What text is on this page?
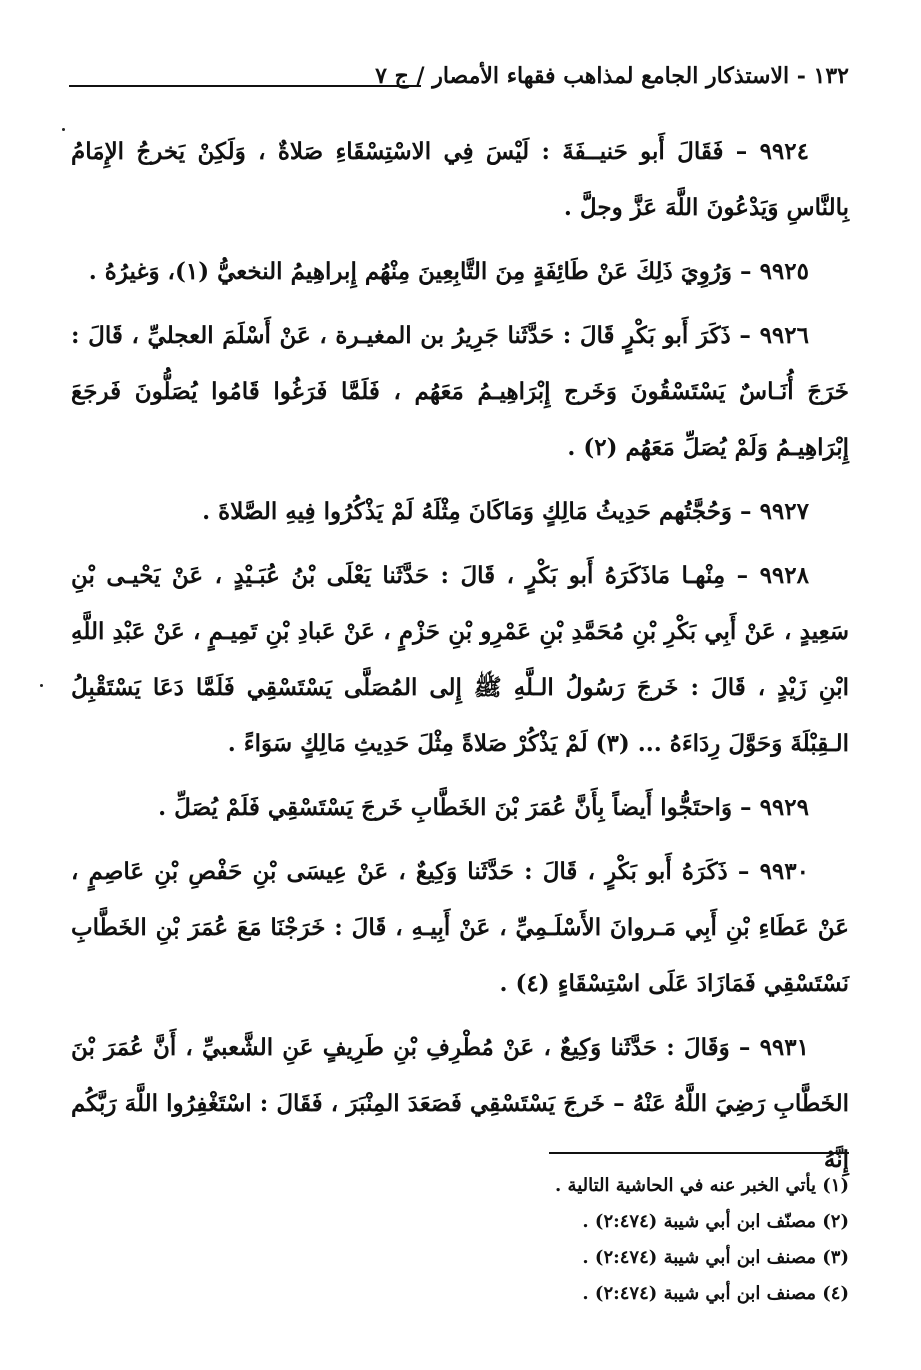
١٣٢ - الاستذكار الجامع لمذاهب فقهاء الأمصار / ج ٧

٩٩٢٤ – فَقَالَ أَبو حَنيــفَةَ : لَيْسَ فِي الاسْتِسْقَاءِ صَلاةٌ ، وَلَكِنْ يَخرجُ الإِمَامُ بِالنَّاسِ وَيَدْعُونَ اللَّهَ عَزَّ وجلَّ .

٩٩٢٥ – وَرُوِيَ ذَلِكَ عَنْ طَائِفَةٍ مِنَ التَّابِعِينَ مِنْهُم إِبراهِيمُ النخعيُّ (١)، وَغيرُهُ .

٩٩٢٦ – ذَكَرَ أَبو بَكْرٍ قَالَ : حَدَّثَنا جَرِيرُ بن المغيـرة ، عَنْ أَسْلَمَ العجليِّ ، قَالَ : خَرَجَ أُنَـاسٌ يَسْتَسْقُونَ وَخَرج إِبْرَاهِيـمُ مَعَهُم ، فَلَمَّا فَرَغُوا قَامُوا يُصَلُّونَ فَرجَعَ إِبْرَاهِيـمُ وَلَمْ يُصَلِّ مَعَهُم (٢) .

٩٩٢٧ – وَحُجَّتُهم حَدِيثُ مَالِكٍ وَمَاكَانَ مِثْلَهُ لَمْ يَذْكُرُوا فِيهِ الصَّلاةَ .

٩٩٢٨ – مِنْهـا مَاذَكَرَهُ أَبو بَكْرٍ ، قَالَ : حَدَّثَنا يَعْلَى بْنُ عُبَـيْدٍ ، عَنْ يَحْيـى بْنِ سَعِيدٍ ، عَنْ أَبِي بَكْرِ بْنِ مُحَمَّدِ بْنِ عَمْرِو بْنِ حَزْمٍ ، عَنْ عَبادِ بْنِ تَمِيـمٍ ، عَنْ عَبْدِ اللَّهِ ابْنِ زَيْدٍ ، قَالَ : خَرجَ رَسُولُ الـلَّهِ ﷺ إِلى المُصَلَّى يَسْتَسْقِي فَلَمَّا دَعَا يَسْتَقْبِلُ الـقِبْلَةَ وَحَوَّلَ رِدَاءَهُ ... (٣) لَمْ يَذْكُرْ صَلاةً مِثْلَ حَدِيثِ مَالِكٍ سَوَاءً .

٩٩٢٩ – وَاحتَجُّوا أَيضاً بِأَنَّ عُمَرَ بْنَ الخَطَّابِ خَرجَ يَسْتَسْقِي فَلَمْ يُصَلِّ .

٩٩٣٠ – ذَكَرَهُ أَبو بَكْرٍ ، قَالَ : حَدَّثَنا وَكِيعٌ ، عَنْ عِيسَى بْنِ حَفْصِ بْنِ عَاصِمٍ ، عَنْ عَطَاءِ بْنِ أَبِي مَـروانَ الأَسْلَـمِيِّ ، عَنْ أَبِيـهِ ، قَالَ : خَرَجْنَا مَعَ عُمَرَ بْنِ الخَطَّابِ نَسْتَسْقِي فَمَازَادَ عَلَى اسْتِسْقَاءٍ (٤) .

٩٩٣١ – وَقَالَ : حَدَّثَنا وَكِيعٌ ، عَنْ مُطْرِفِ بْنِ طَرِيفٍ عَنِ الشَّعبيِّ ، أَنَّ عُمَرَ بْنَ الخَطَّابِ رَضِيَ اللَّهُ عَنْهُ – خَرجَ يَسْتَسْقِي فَصَعَدَ المِنْبَرَ ، فَقَالَ : اسْتَغْفِرُوا اللَّهَ رَبَّكُم إِنَّهُ

(١) يأتي الخبر عنه في الحاشية التالية .

(٢) مصنّف ابن أبي شيبة (٢:٤٧٤) .

(٣) مصنف ابن أبي شيبة (٢:٤٧٤) .

(٤) مصنف ابن أبي شيبة (٢:٤٧٤) .
